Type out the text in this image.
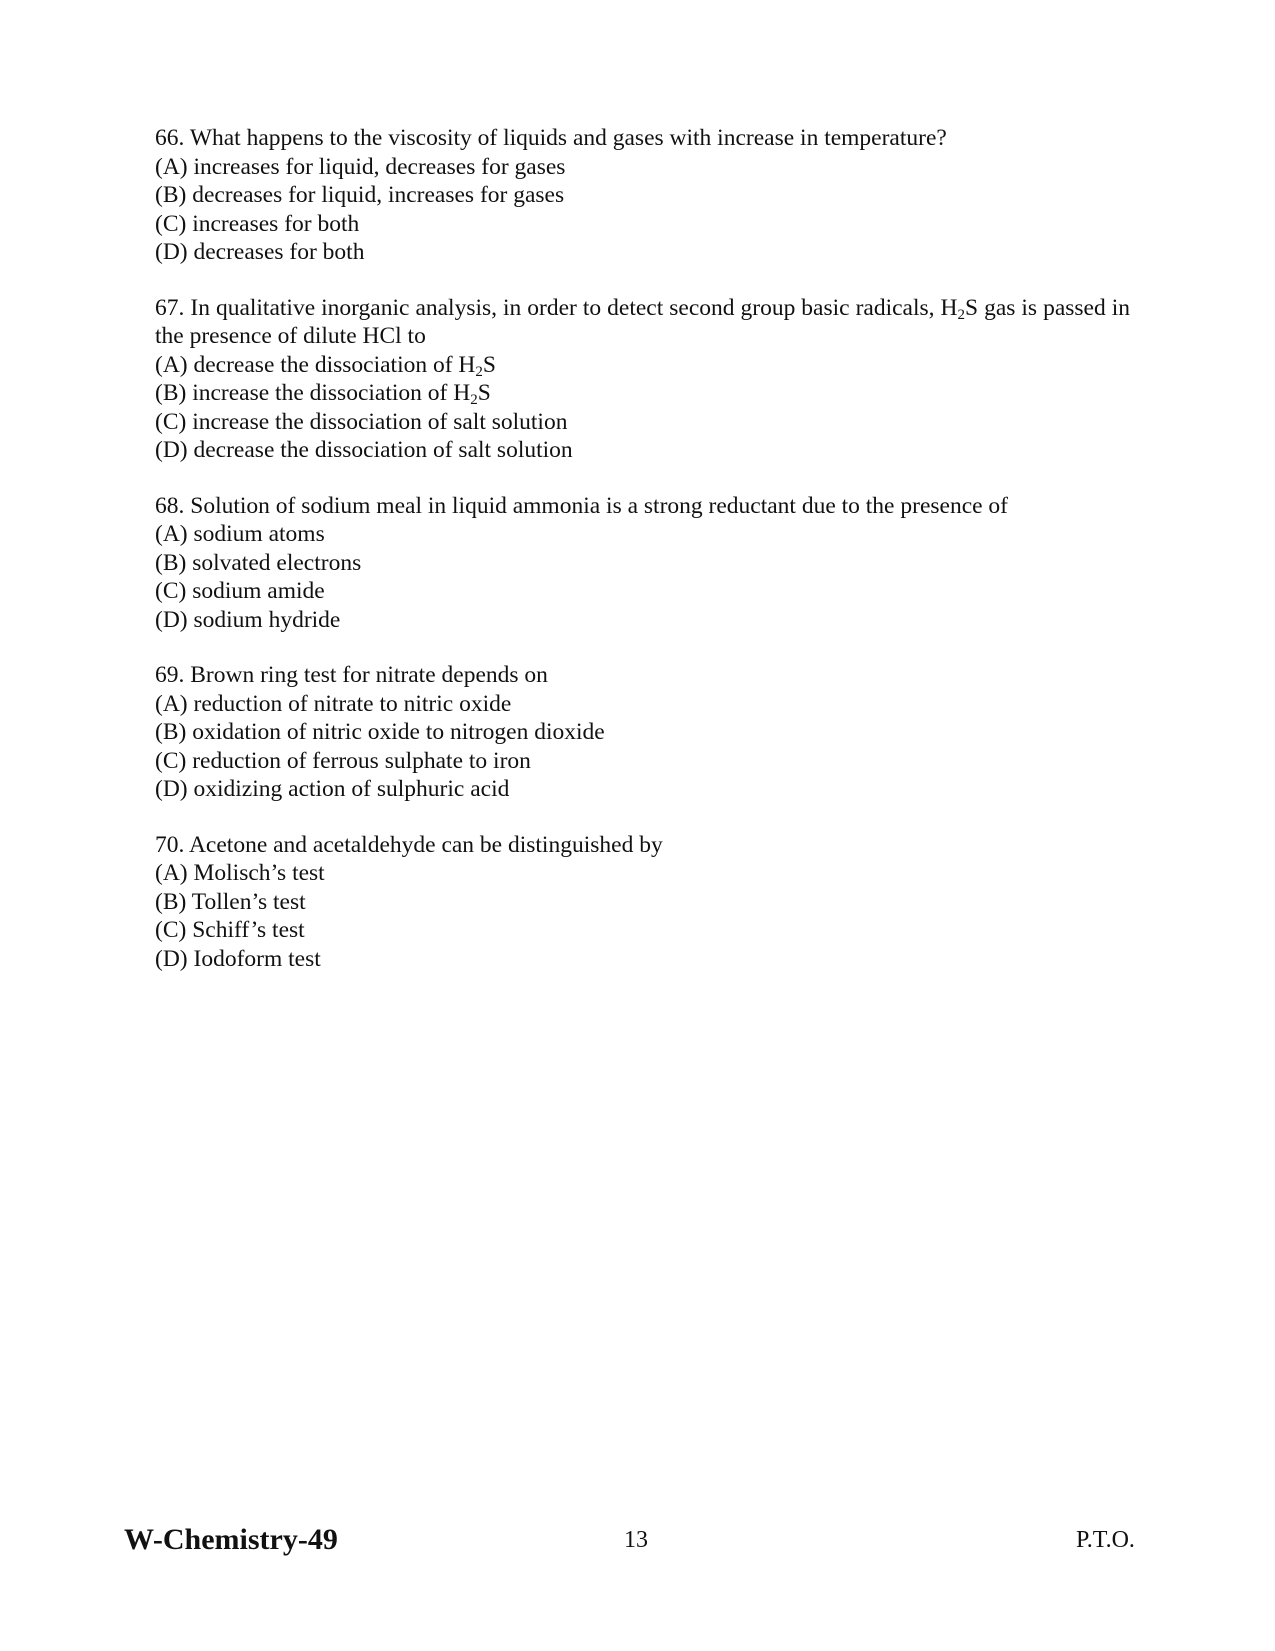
66. What happens to the viscosity of liquids and gases with increase in temperature?
(A) increases for liquid, decreases for gases
(B) decreases for liquid, increases for gases
(C) increases for both
(D) decreases for both
67. In qualitative inorganic analysis, in order to detect second group basic radicals, $H_2S$ gas is passed in the presence of dilute HCl to
(A) decrease the dissociation of $H_2S$
(B) increase the dissociation of $H_2S$
(C) increase the dissociation of salt solution
(D) decrease the dissociation of salt solution
68. Solution of sodium meal in liquid ammonia is a strong reductant due to the presence of
(A) sodium atoms
(B) solvated electrons
(C) sodium amide
(D) sodium hydride
69. Brown ring test for nitrate depends on
(A) reduction of nitrate to nitric oxide
(B) oxidation of nitric oxide to nitrogen dioxide
(C) reduction of ferrous sulphate to iron
(D) oxidizing action of sulphuric acid
70. Acetone and acetaldehyde can be distinguished by
(A) Molisch’s test
(B) Tollen’s test
(C) Schiff’s test
(D) Iodoform test
W-Chemistry-49	13	P.T.O.
